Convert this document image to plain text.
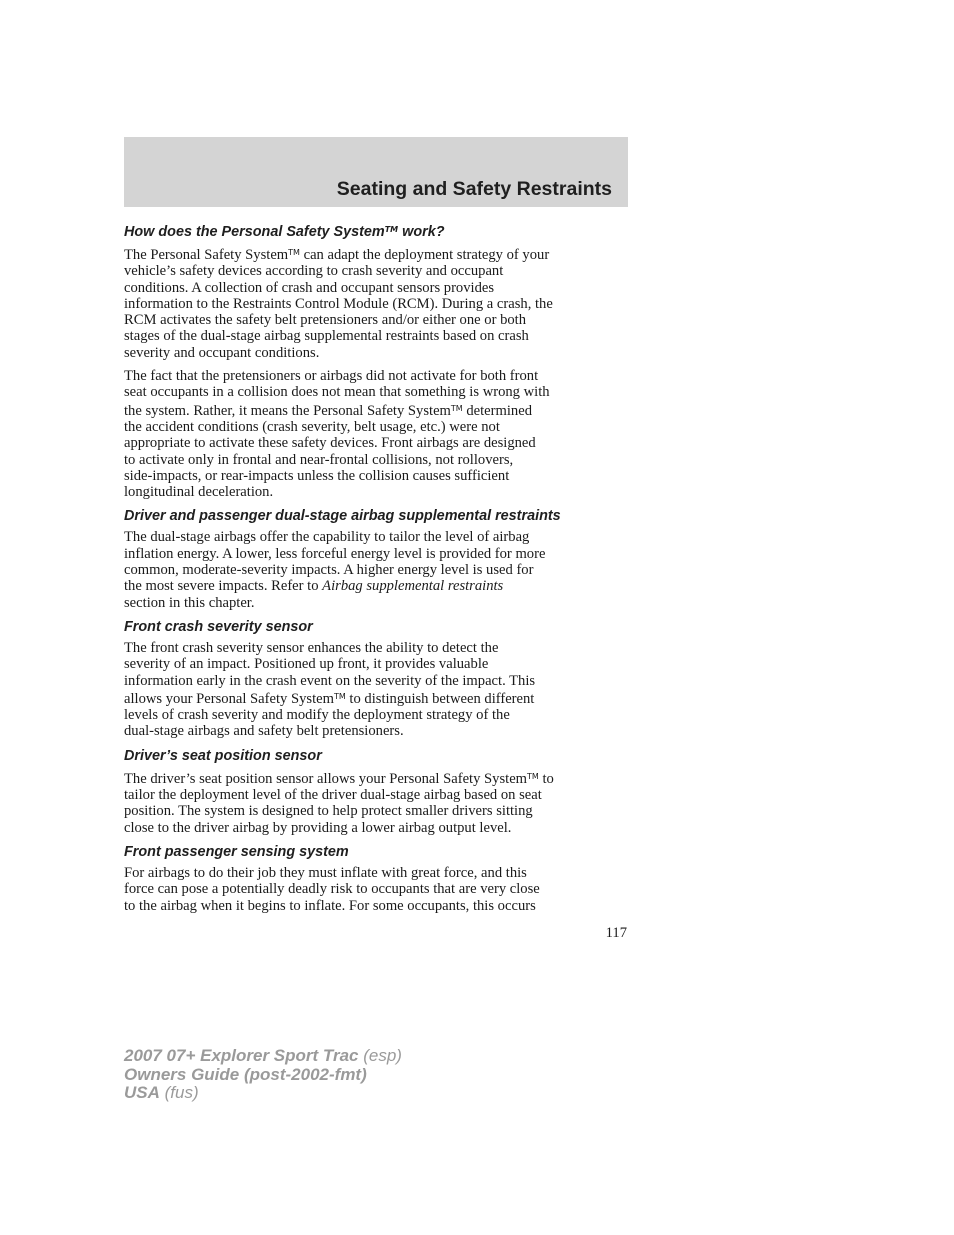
Seating and Safety Restraints
How does the Personal Safety System™ work?
The Personal Safety System™ can adapt the deployment strategy of your
vehicle’s safety devices according to crash severity and occupant
conditions. A collection of crash and occupant sensors provides
information to the Restraints Control Module (RCM). During a crash, the
RCM activates the safety belt pretensioners and/or either one or both
stages of the dual-stage airbag supplemental restraints based on crash
severity and occupant conditions.
The fact that the pretensioners or airbags did not activate for both front
seat occupants in a collision does not mean that something is wrong with
the system. Rather, it means the Personal Safety System™ determined
the accident conditions (crash severity, belt usage, etc.) were not
appropriate to activate these safety devices. Front airbags are designed
to activate only in frontal and near-frontal collisions, not rollovers,
side-impacts, or rear-impacts unless the collision causes sufficient
longitudinal deceleration.
Driver and passenger dual-stage airbag supplemental restraints
The dual-stage airbags offer the capability to tailor the level of airbag
inflation energy. A lower, less forceful energy level is provided for more
common, moderate-severity impacts. A higher energy level is used for
the most severe impacts. Refer to Airbag supplemental restraints
section in this chapter.
Front crash severity sensor
The front crash severity sensor enhances the ability to detect the
severity of an impact. Positioned up front, it provides valuable
information early in the crash event on the severity of the impact. This
allows your Personal Safety System™ to distinguish between different
levels of crash severity and modify the deployment strategy of the
dual-stage airbags and safety belt pretensioners.
Driver’s seat position sensor
The driver’s seat position sensor allows your Personal Safety System™ to
tailor the deployment level of the driver dual-stage airbag based on seat
position. The system is designed to help protect smaller drivers sitting
close to the driver airbag by providing a lower airbag output level.
Front passenger sensing system
For airbags to do their job they must inflate with great force, and this
force can pose a potentially deadly risk to occupants that are very close
to the airbag when it begins to inflate. For some occupants, this occurs
117
2007 07+ Explorer Sport Trac (esp)
Owners Guide (post-2002-fmt)
USA (fus)
